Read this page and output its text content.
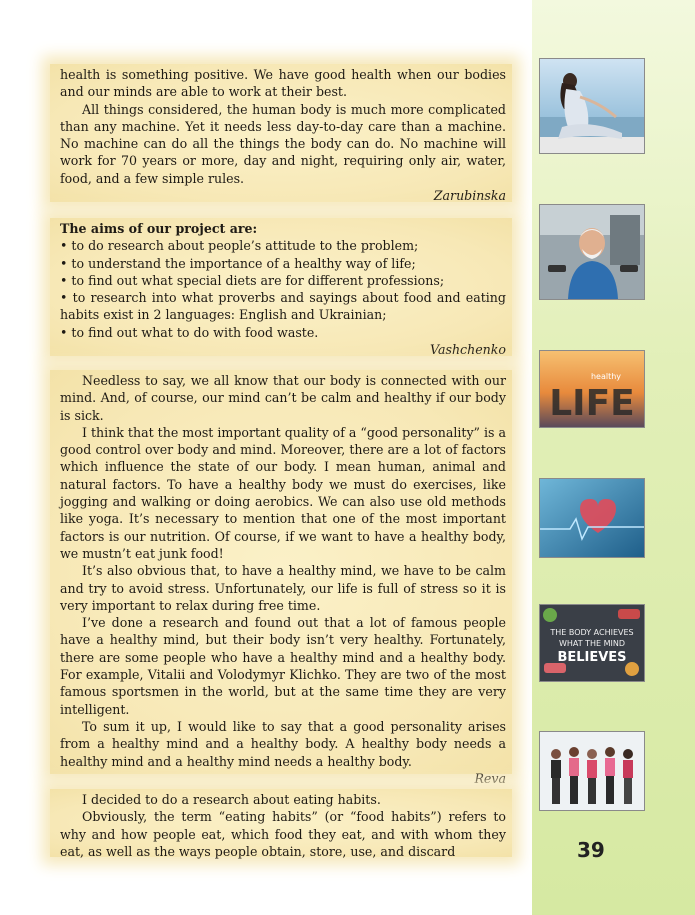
health is something positive. We have good health when our bodies and our minds are able to work at their best.

All things considered, the human body is much more complicated than any machine. Yet it needs less day-to-day care than a machine. No machine can do all the things the body can do. No machine will work for 70 years or more, day and night, requiring only air, water, food, and a few simple rules.

Zarubinska

The aims of our project are:

• to do research about people’s attitude to the problem;

• to understand the importance of a healthy way of life;

• to find out what special diets are for different professions;

• to research into what proverbs and sayings about food and eating habits exist in 2 languages: English and Ukrainian;

• to find out what to do with food waste.

Vashchenko

Needless to say, we all know that our body is connected with our mind. And, of course, our mind can’t be calm and healthy if our body is sick.

I think that the most important quality of a “good personality” is a good control over body and mind. Moreover, there are a lot of factors which influence the state of our body. I mean human, animal and natural factors. To have a healthy body we must do exercises, like jogging and walking or doing aerobics. We can also use old methods like yoga. It’s necessary to mention that one of the most important factors is our nutrition. Of course, if we want to have a healthy body, we mustn’t eat junk food!

It’s also obvious that, to have a healthy mind, we have to be calm and try to avoid stress. Unfortunately, our life is full of stress so it is very important to relax during free time.

I’ve done a research and found out that a lot of famous people have a healthy mind, but their body isn’t very healthy. Fortunately, there are some people who have a healthy mind and a healthy body. For example, Vitalii and Volodymyr Klichko. They are two of the most famous sportsmen in the world, but at the same time they are very intelligent.

To sum it up, I would like to say that a good personality arises from a healthy mind and a healthy body. A healthy body needs a healthy mind and a healthy mind needs a healthy body.

Reva

I decided to do a research about eating habits.

Obviously, the term “eating habits” (or “food habits”) refers to why and how people eat, which food they eat, and with whom they eat, as well as the ways people obtain, store, use, and discard

LIFE
healthy
THE BODY ACHIEVES
WHAT THE MIND
BELIEVES
39
